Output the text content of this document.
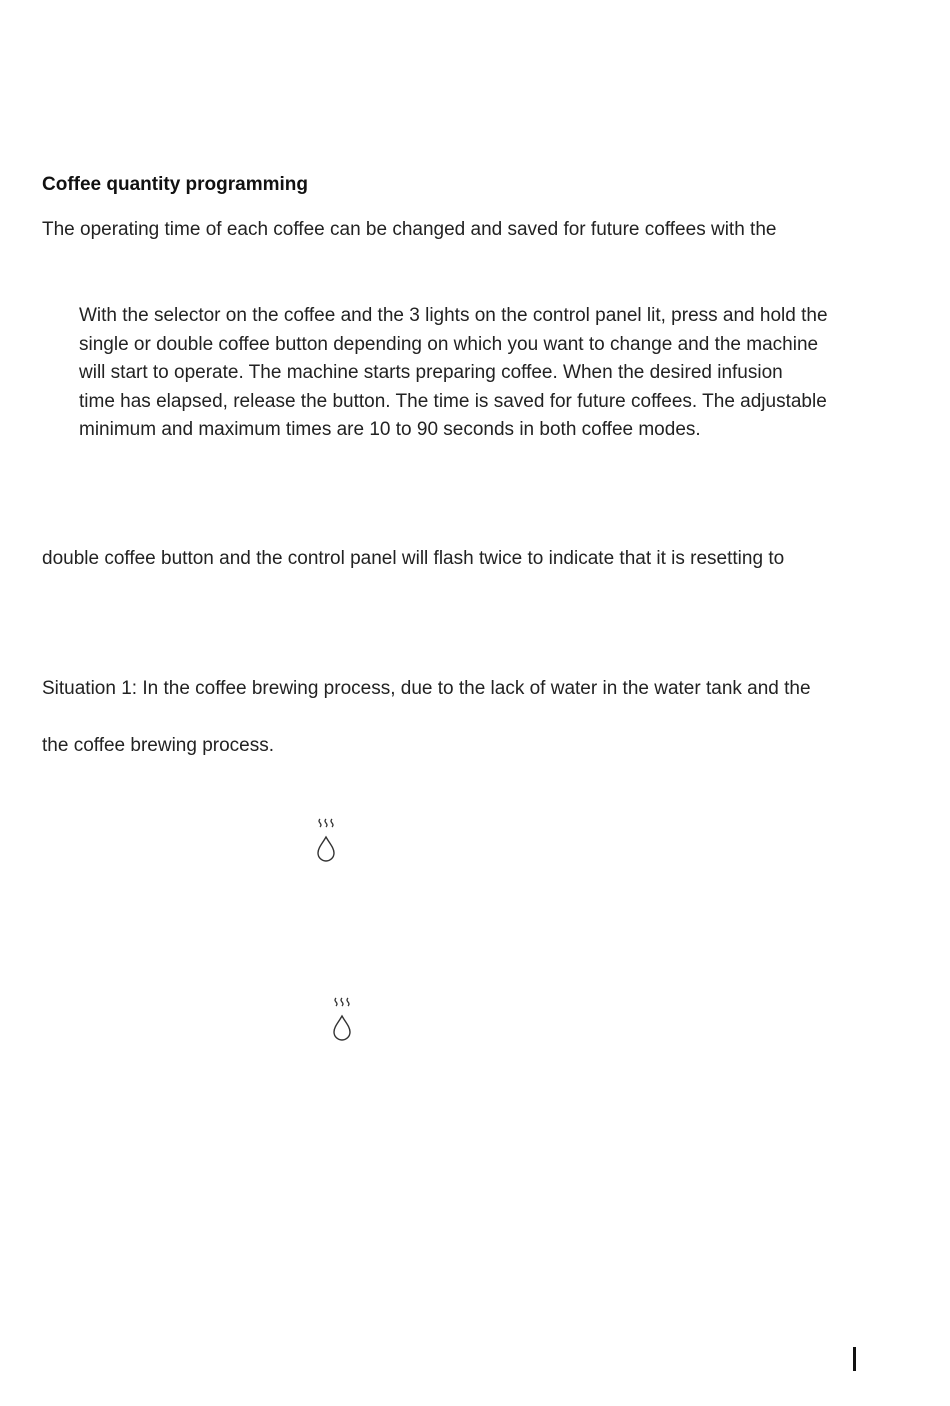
Coffee quantity programming
The operating time of each coffee can be changed and saved for future coffees with the
With the selector on the coffee and the 3 lights on the control panel lit, press and hold the
single or double coffee button depending on which you want to change and the machine
will start to operate. The machine starts preparing coffee. When the desired infusion
time has elapsed, release the button. The time is saved for future coffees. The adjustable
minimum and maximum times are 10 to 90 seconds in both coffee modes.
double coffee button and the control panel will flash twice to indicate that it is resetting to
Situation 1: In the coffee brewing process, due to the lack of water in the water tank and the
the coffee brewing process.
